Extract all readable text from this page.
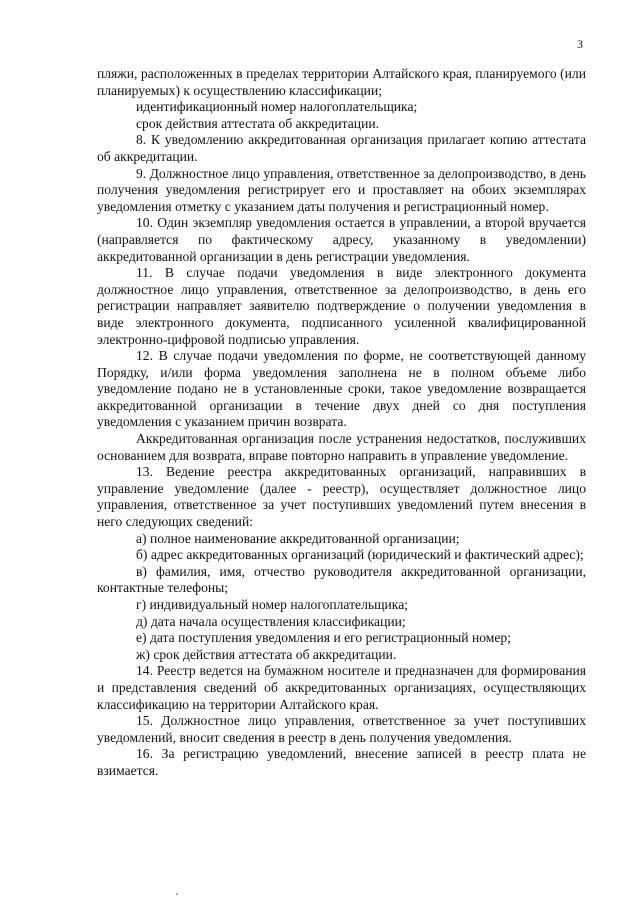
3

пляжи, расположенных в пределах территории Алтайского края, планируемого (или планируемых) к осуществлению классификации;

идентификационный номер налогоплательщика;

срок действия аттестата об аккредитации.

8. К уведомлению аккредитованная организация прилагает копию аттестата об аккредитации.

9. Должностное лицо управления, ответственное за делопроизводство, в день получения уведомления регистрирует его и проставляет на обоих экземплярах уведомления отметку с указанием даты получения и регистрационный номер.

10. Один экземпляр уведомления остается в управлении, а второй вручается (направляется по фактическому адресу, указанному в уведомлении) аккредитованной организации в день регистрации уведомления.

11. В случае подачи уведомления в виде электронного документа должностное лицо управления, ответственное за делопроизводство, в день его регистрации направляет заявителю подтверждение о получении уведомления в виде электронного документа, подписанного усиленной квалифицированной электронно-цифровой подписью управления.

12. В случае подачи уведомления по форме, не соответствующей данному Порядку, и/или форма уведомления заполнена не в полном объеме либо уведомление подано не в установленные сроки, такое уведомление возвращается аккредитованной организации в течение двух дней со дня поступления уведомления с указанием причин возврата.

Аккредитованная организация после устранения недостатков, послуживших основанием для возврата, вправе повторно направить в управление уведомление.

13. Ведение реестра аккредитованных организаций, направивших в управление уведомление (далее - реестр), осуществляет должностное лицо управления, ответственное за учет поступивших уведомлений путем внесения в него следующих сведений:

а) полное наименование аккредитованной организации;

б) адрес аккредитованных организаций (юридический и фактический адрес);

в) фамилия, имя, отчество руководителя аккредитованной организации, контактные телефоны;

г) индивидуальный номер налогоплательщика;

д) дата начала осуществления классификации;

е) дата поступления уведомления и его регистрационный номер;

ж) срок действия аттестата об аккредитации.

14. Реестр ведется на бумажном носителе и предназначен для формирования и представления сведений об аккредитованных организациях, осуществляющих классификацию на территории Алтайского края.

15. Должностное лицо управления, ответственное за учет поступивших уведомлений, вносит сведения в реестр в день получения уведомления.

16. За регистрацию уведомлений, внесение записей в реестр плата не взимается.
